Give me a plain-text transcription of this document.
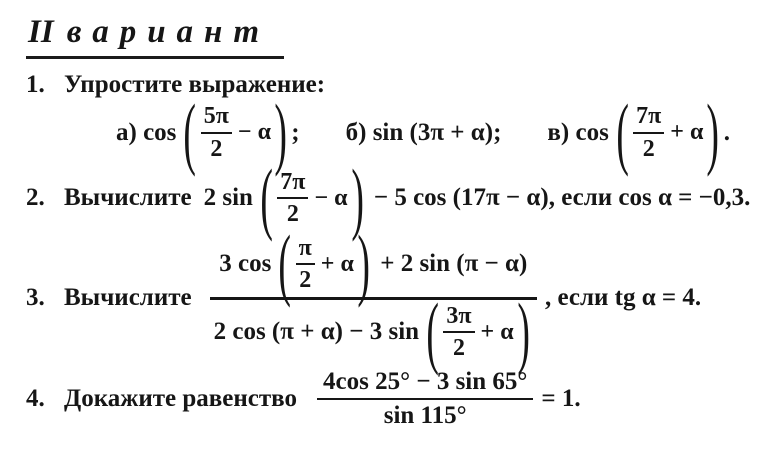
II вариант
1. Упростите выражение:
а) cos ( 5π
2
− α ) ; б) sin (3π + α); в) cos ( 7π
2
+ α ) .
2. Вычислите 2 sin ( 7π
2
− α ) − 5 cos (17π − α), если cos α = −0,3.
3. Вычислите
3 cos ( π
2
+ α ) + 2 sin (π − α)
2 cos (π + α) − 3 sin ( 3π
2
+ α ) , если tg α = 4.
4. Докажите равенство
4cos 25° − 3 sin 65°
sin 115°
= 1.
